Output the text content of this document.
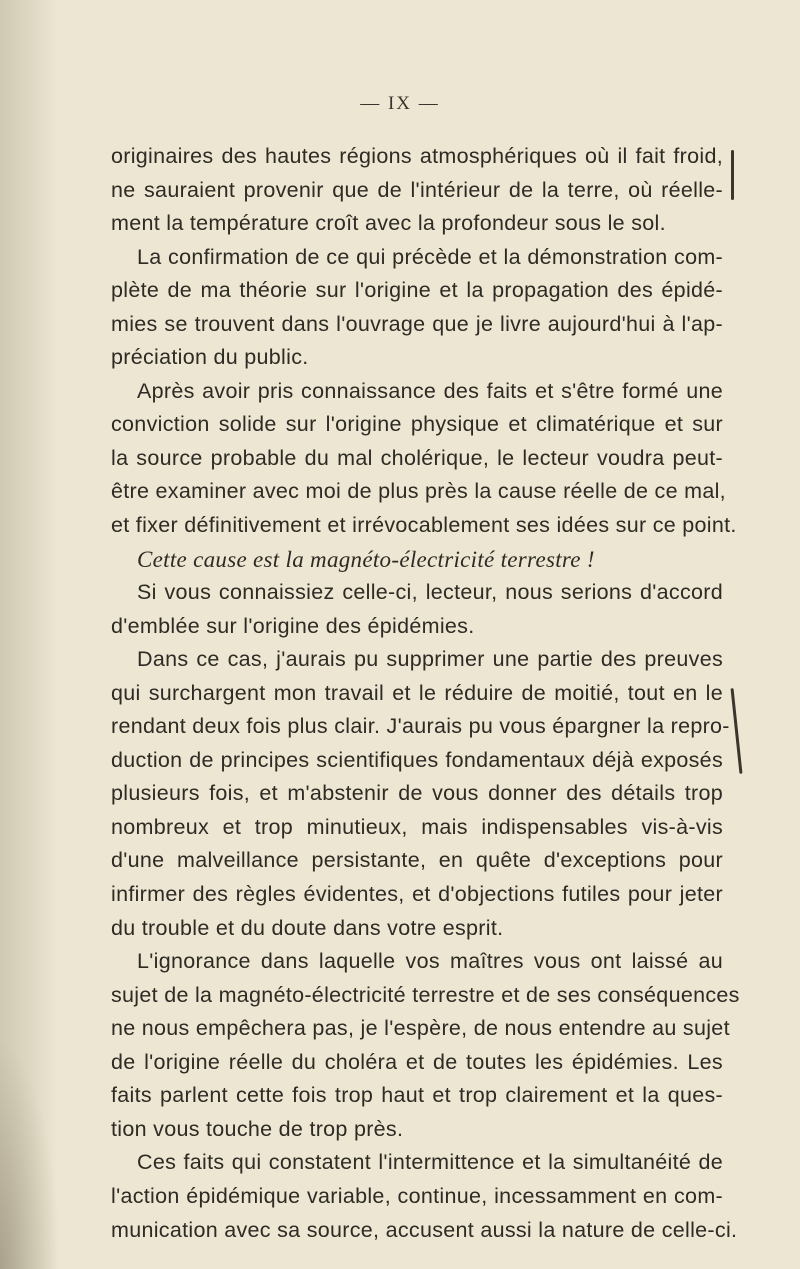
— IX —
originaires des hautes régions atmosphériques où il fait froid,
ne sauraient provenir que de l'intérieur de la terre, où réelle-
ment la température croît avec la profondeur sous le sol.
La confirmation de ce qui précède et la démonstration com-
plète de ma théorie sur l'origine et la propagation des épidé-
mies se trouvent dans l'ouvrage que je livre aujourd'hui à l'ap-
préciation du public.
Après avoir pris connaissance des faits et s'être formé une
conviction solide sur l'origine physique et climatérique et sur
la source probable du mal cholérique, le lecteur voudra peut-
être examiner avec moi de plus près la cause réelle de ce mal,
et fixer définitivement et irrévocablement ses idées sur ce point.
Cette cause est la magnéto-électricité terrestre !
Si vous connaissiez celle-ci, lecteur, nous serions d'accord
d'emblée sur l'origine des épidémies.
Dans ce cas, j'aurais pu supprimer une partie des preuves
qui surchargent mon travail et le réduire de moitié, tout en le
rendant deux fois plus clair. J'aurais pu vous épargner la repro-
duction de principes scientifiques fondamentaux déjà exposés
plusieurs fois, et m'abstenir de vous donner des détails trop
nombreux et trop minutieux, mais indispensables vis-à-vis
d'une malveillance persistante, en quête d'exceptions pour
infirmer des règles évidentes, et d'objections futiles pour jeter
du trouble et du doute dans votre esprit.
L'ignorance dans laquelle vos maîtres vous ont laissé au
sujet de la magnéto-électricité terrestre et de ses conséquences
ne nous empêchera pas, je l'espère, de nous entendre au sujet
de l'origine réelle du choléra et de toutes les épidémies. Les
faits parlent cette fois trop haut et trop clairement et la ques-
tion vous touche de trop près.
Ces faits qui constatent l'intermittence et la simultanéité de
l'action épidémique variable, continue, incessamment en com-
munication avec sa source, accusent aussi la nature de celle-ci.
